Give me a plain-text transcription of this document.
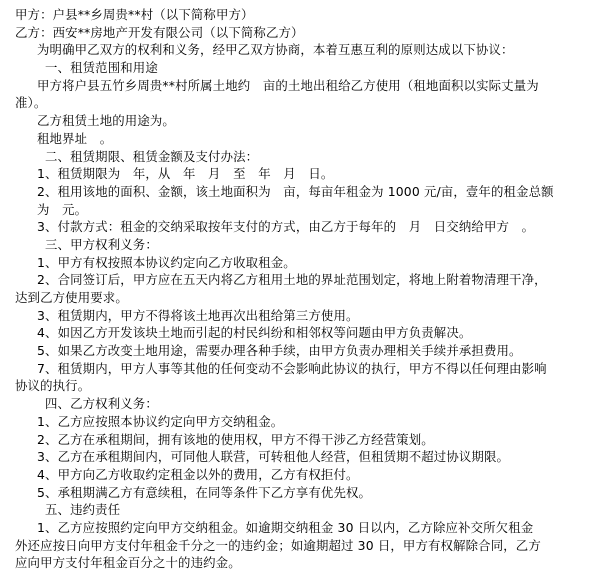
甲方：户县**乡周贵**村（以下简称甲方）
乙方：西安**房地产开发有限公司（以下简称乙方）
为明确甲乙双方的权利和义务，经甲乙双方协商，本着互惠互利的原则达成以下协议：
一、租赁范围和用途
甲方将户县五竹乡周贵**村所属土地约　亩的土地出租给乙方使用（租地面积以实际丈量为
准）。
乙方租赁土地的用途为。
租地界址　。
二、租赁期限、租赁金额及支付办法：
1、租赁期限为　年，从　年　月　至　年　月　日。
2、租用该地的面积、金额，该土地面积为　亩，每亩年租金为 1000 元/亩，壹年的租金总额
为　元。
3、付款方式：租金的交纳采取按年支付的方式，由乙方于每年的　月　日交纳给甲方　。
三、甲方权利义务：
1、甲方有权按照本协议约定向乙方收取租金。
2、合同签订后，甲方应在五天内将乙方租用土地的界址范围划定，将地上附着物清理干净，
达到乙方使用要求。
3、租赁期内，甲方不得将该土地再次出租给第三方使用。
4、如因乙方开发该块土地而引起的村民纠纷和相邻权等问题由甲方负责解决。
5、如果乙方改变土地用途，需要办理各种手续，由甲方负责办理相关手续并承担费用。
7、租赁期内，甲方人事等其他的任何变动不会影响此协议的执行，甲方不得以任何理由影响
协议的执行。
四、乙方权利义务：
1、乙方应按照本协议约定向甲方交纳租金。
2、乙方在承租期间，拥有该地的使用权，甲方不得干涉乙方经营策划。
3、乙方在承租期间内，可同他人联营，可转租他人经营，但租赁期不超过协议期限。
4、甲方向乙方收取约定租金以外的费用，乙方有权拒付。
5、承租期满乙方有意续租，在同等条件下乙方享有优先权。
五、违约责任
1、乙方应按照约定向甲方交纳租金。如逾期交纳租金 30 日以内，乙方除应补交所欠租金
外还应按日向甲方支付年租金千分之一的违约金；如逾期超过 30 日，甲方有权解除合同，乙方
应向甲方支付年租金百分之十的违约金。
